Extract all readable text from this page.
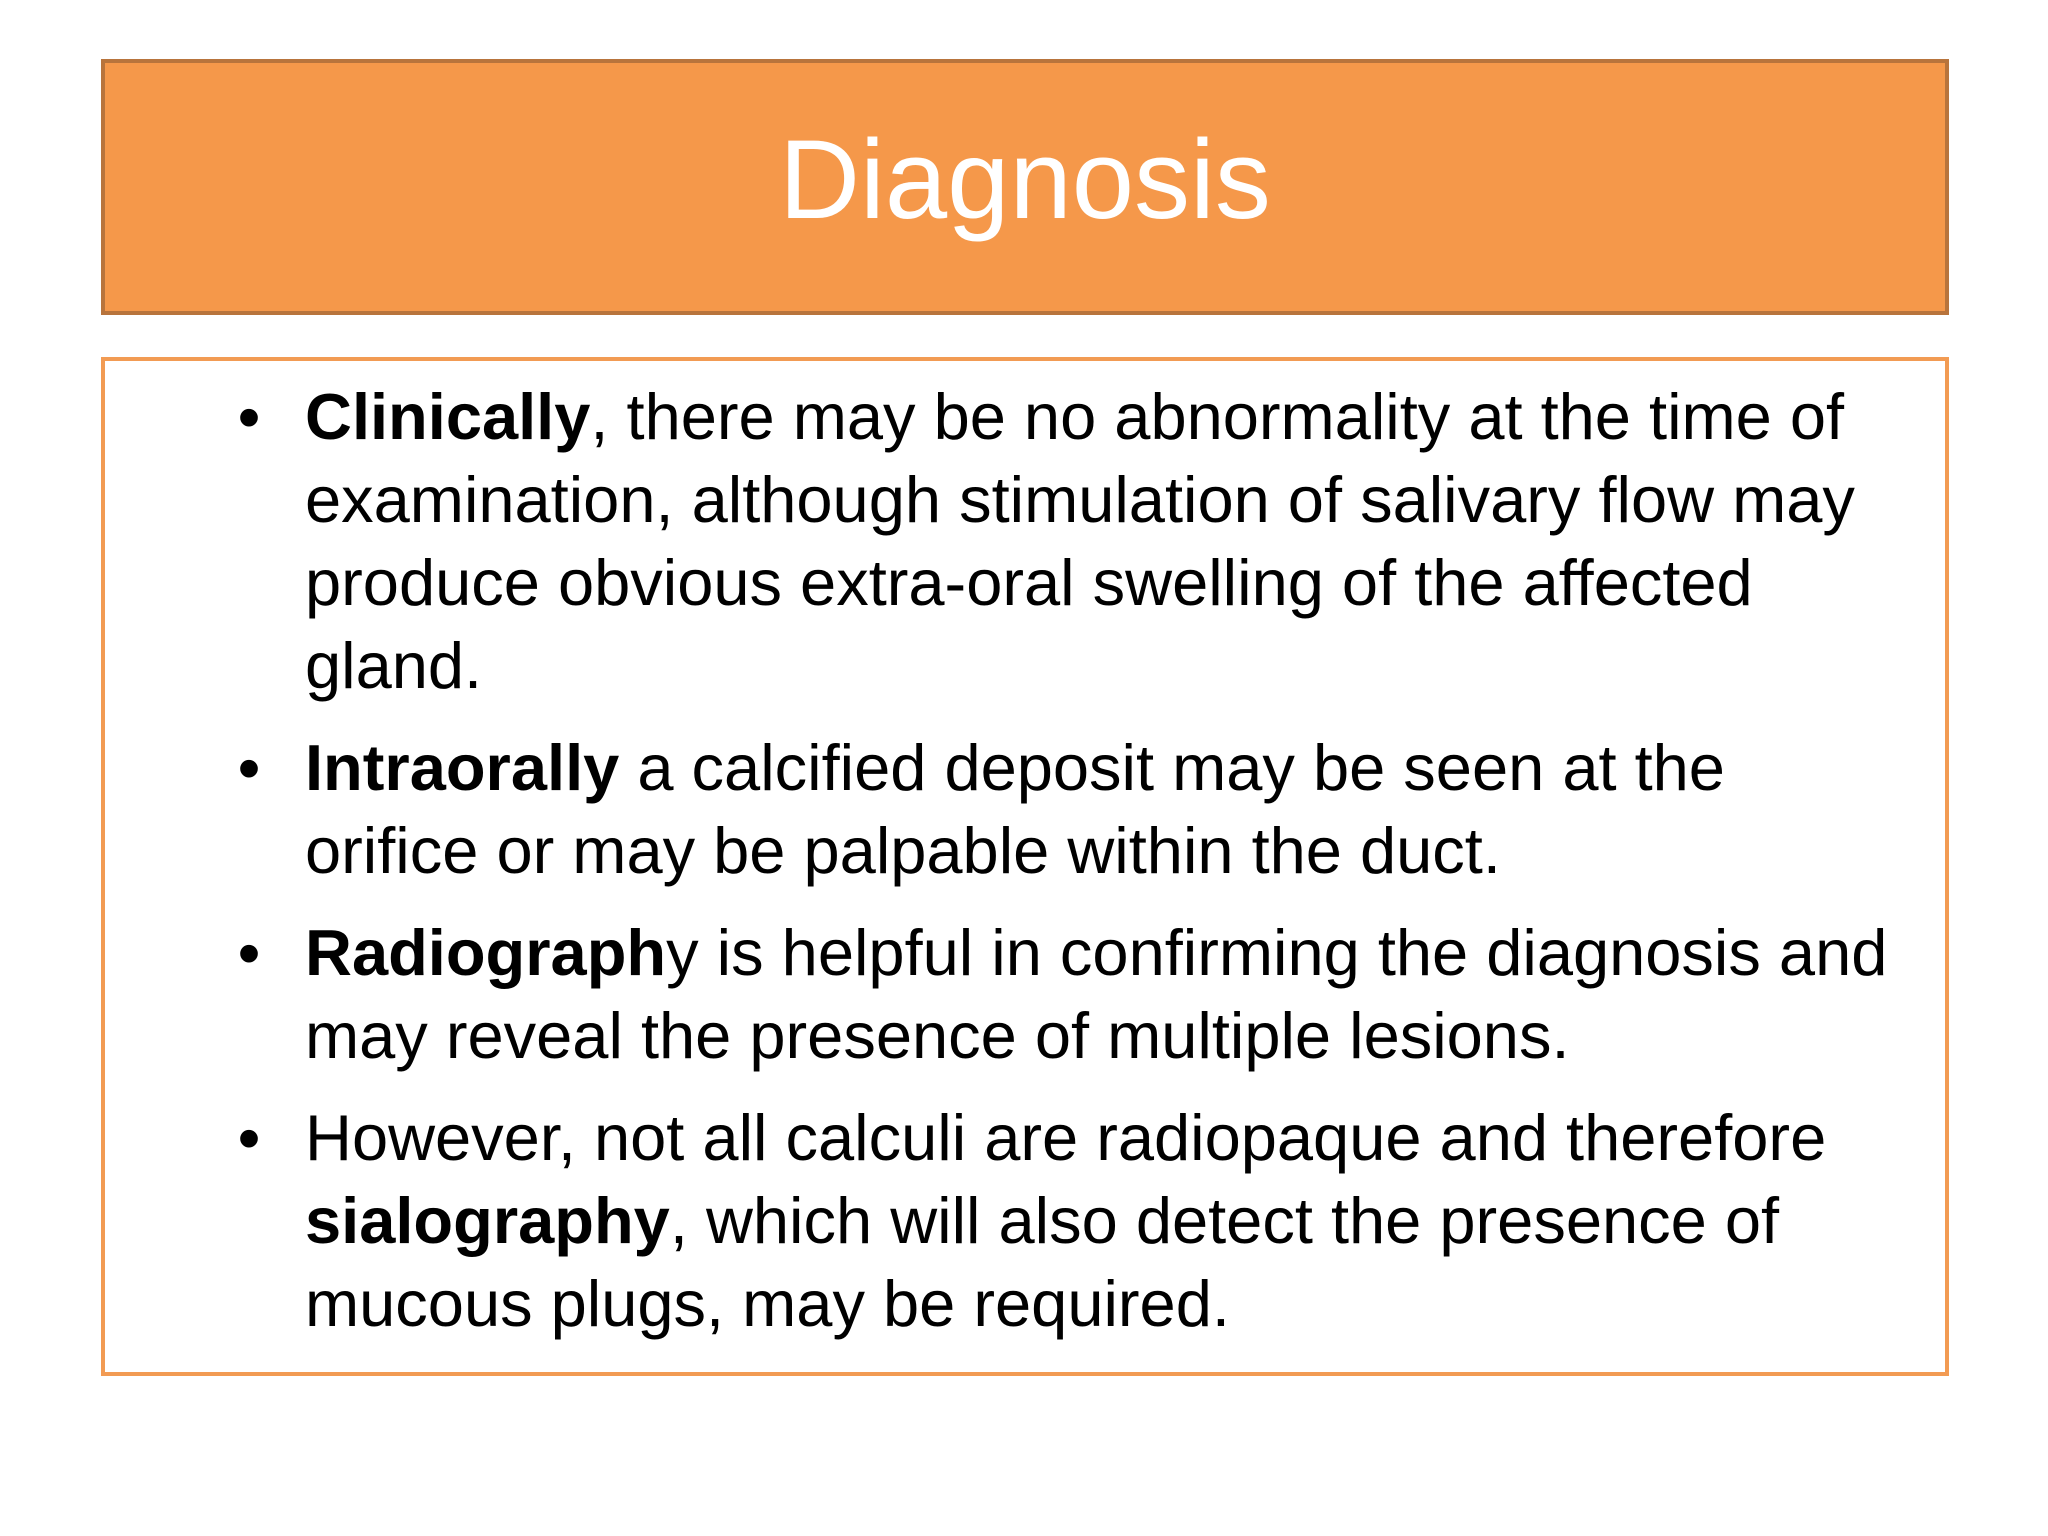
Diagnosis
• Clinically, there may be no abnormality at the time of examination, although stimulation of salivary flow may produce obvious extra-oral swelling of the affected gland.
• Intraorally a calcified deposit may be seen at the orifice or may be palpable within the duct.
• Radiography is helpful in confirming the diagnosis and may reveal the presence of multiple lesions.
• However, not all calculi are radiopaque and therefore sialography, which will also detect the presence of mucous plugs, may be required.
